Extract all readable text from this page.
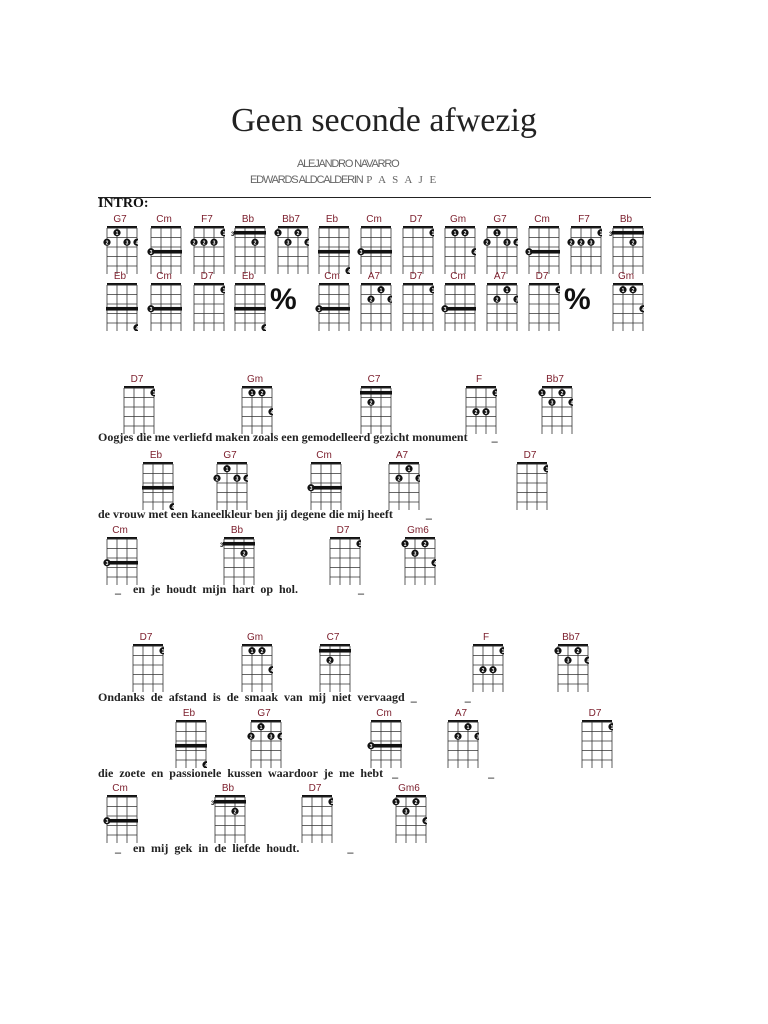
Geen seconde afwezig
ALEJANDRO NAVARRO
EDWARDS ALDCALDERIN P A S A J E
INTRO:
G7
1
2	3 4
Cm
3
F7
1
2 2 3
Bb
3
2
Bb7
1	2
3	4
Eb
4
Cm
3
D7
1
Gm
1 2
4
G7
1
2	3 4
Cm
3
F7
1
2 2 3
Bb
3
2
Eb
4
Cm
3
D7
1
Eb
4
%
Cm
3
A7
1
2	3
D7
1
Cm
3
A7
1
2	3
D7
1 %
Gm
1 2
4
D7
1
Gm
1 2
4
C7
2
F
1
2 3
Bb7
1	2
3	4
Eb
4
G7
1
2	3 4
Cm
3
A7
1
2	3
D7
1
Cm
3
Bb
3
2
D7
1
Gm6
1	2
3
4
D7
1
Gm
1 2
4
C7
2
F
1
2 3
Bb7
1	2
3	4
Eb
4
G7
1
2	3 4
Cm
3
A7
1
2	3
D7
1
Cm
3
Bb
3
2
D7
1
Gm6
1	2
3
4
Oogjes die me verliefd maken zoals een gemodelleerd gezicht monument        _
de vrouw met een kaneelkleur ben jij degene die mij heeft           _
_    en  je  houdt  mijn  hart  op  hol.                    _
Ondanks  de  afstand  is  de  smaak  van  mij  niet  vervaagd  _                _
die  zoete  en  passionele  kussen  waardoor  je  me  hebt   _                              _
_    en  mij  gek  in  de  liefde  houdt.                _
